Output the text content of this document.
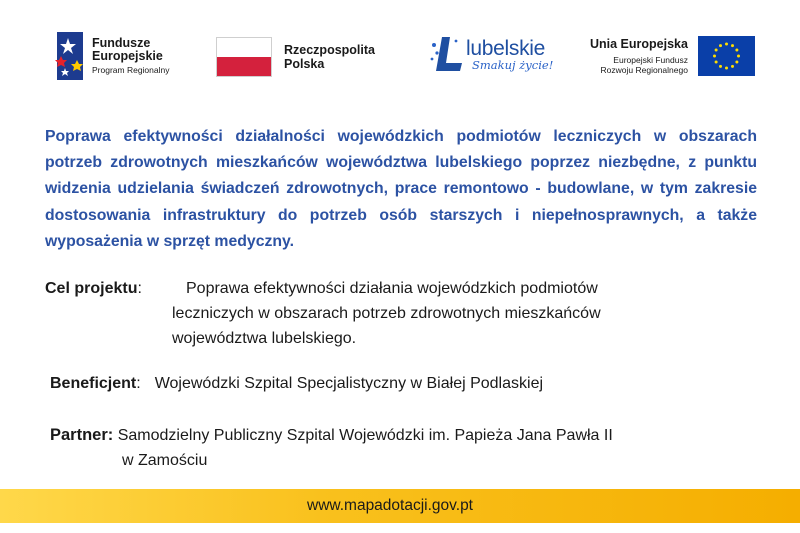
Fundusze
Europejskie
Program Regionalny
Rzeczpospolita
Polska
lubelskie
Smakuj życie!
Unia Europejska
Europejski Fundusz
Rozwoju Regionalnego
Poprawa efektywności działalności wojewódzkich podmiotów leczniczych w obszarach potrzeb zdrowotnych mieszkańców województwa lubelskiego poprzez niezbędne, z punktu widzenia udzielania świadczeń zdrowotnych, prace remontowo - budowlane, w tym zakresie dostosowania infrastruktury do potrzeb osób starszych i niepełnosprawnych, a także wyposażenia w sprzęt medyczny.
Cel projektu:	Poprawa efektywności działania wojewódzkich podmiotów
leczniczych w obszarach potrzeb zdrowotnych mieszkańców
województwa lubelskiego.
Beneficjent: Wojewódzki Szpital Specjalistyczny w Białej Podlaskiej
Partner: Samodzielny Publiczny Szpital Wojewódzki im. Papieża Jana Pawła II
w Zamościu
www.mapadotacji.gov.pt
